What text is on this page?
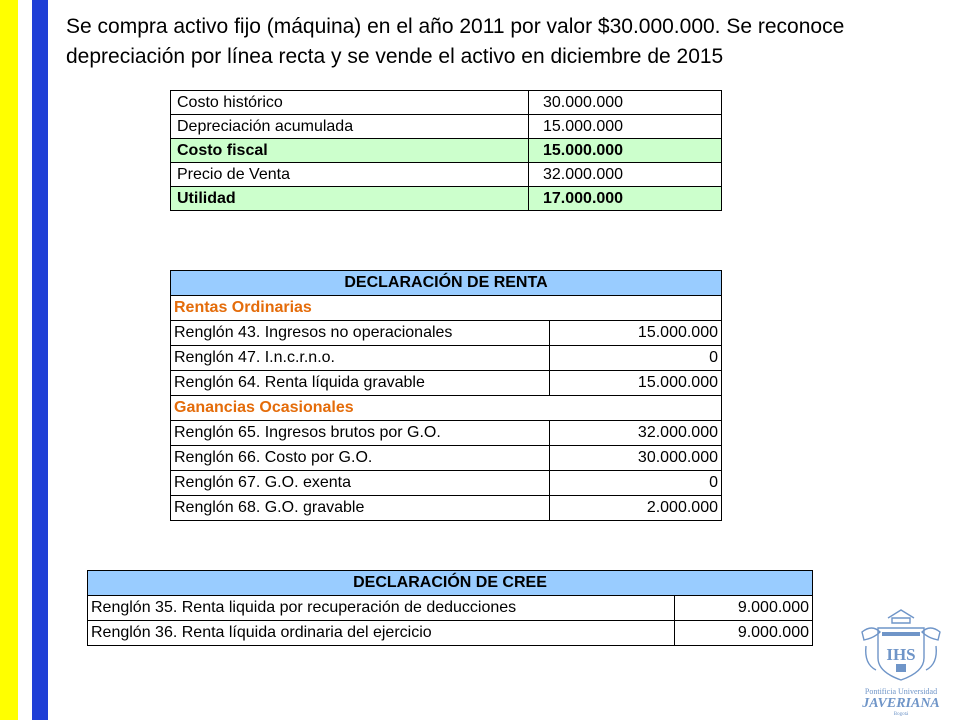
Se compra activo fijo (máquina) en el año 2011 por valor $30.000.000. Se reconoce depreciación por línea recta y se vende el activo en diciembre de 2015

Costo histórico	30.000.000
Depreciación acumulada	15.000.000
Costo fiscal	15.000.000
Precio de Venta	32.000.000
Utilidad	17.000.000
DECLARACIÓN DE RENTA	
Rentas Ordinarias	
Renglón 43. Ingresos no operacionales	15.000.000
Renglón 47. I.n.c.r.n.o.	0
Renglón 64. Renta líquida gravable	15.000.000
Ganancias Ocasionales	
Renglón 65. Ingresos brutos por G.O.	32.000.000
Renglón 66. Costo por G.O.	30.000.000
Renglón 67. G.O. exenta	0
Renglón 68. G.O. gravable	2.000.000
DECLARACIÓN DE CREE	
Renglón 35. Renta liquida por recuperación de deducciones	9.000.000
Renglón 36. Renta líquida ordinaria del ejercicio	9.000.000
IHS
Pontificia Universidad
JAVERIANA
Bogotá
